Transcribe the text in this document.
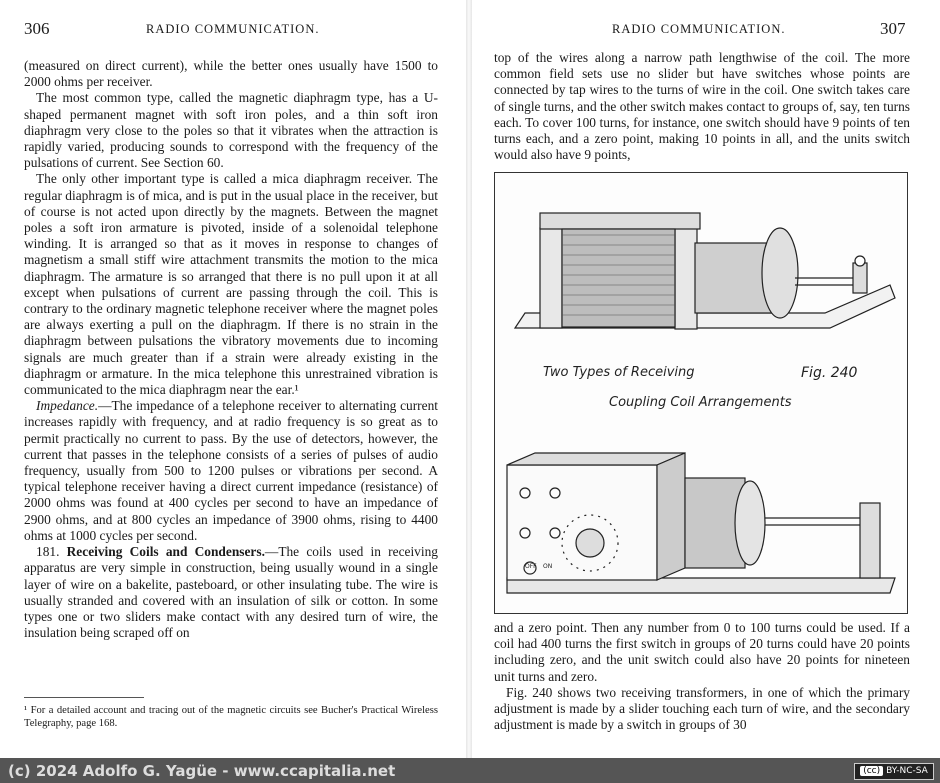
306	RADIO COMMUNICATION.

(measured on direct current), while the better ones usually have 1500 to 2000 ohms per receiver.

The most common type, called the magnetic diaphragm type, has a U-shaped permanent magnet with soft iron poles, and a thin soft iron diaphragm very close to the poles so that it vibrates when the attraction is rapidly varied, producing sounds to correspond with the frequency of the pulsations of current. See Section 60.

The only other important type is called a mica diaphragm receiver. The regular diaphragm is of mica, and is put in the usual place in the receiver, but of course is not acted upon directly by the magnets. Between the magnet poles a soft iron armature is pivoted, inside of a solenoidal telephone winding. It is arranged so that as it moves in response to changes of magnetism a small stiff wire attachment transmits the motion to the mica diaphragm. The armature is so arranged that there is no pull upon it at all except when pulsations of current are passing through the coil. This is contrary to the ordinary magnetic telephone receiver where the magnet poles are always exerting a pull on the diaphragm. If there is no strain in the diaphragm between pulsations the vibratory movements due to incoming signals are much greater than if a strain were already existing in the diaphragm or armature. In the mica telephone this unrestrained vibration is communicated to the mica diaphragm near the ear.¹

Impedance.—The impedance of a telephone receiver to alternating current increases rapidly with frequency, and at radio frequency is so great as to permit practically no current to pass. By the use of detectors, however, the current that passes in the telephone consists of a series of pulses of audio frequency, usually from 500 to 1200 pulses or vibrations per second. A typical telephone receiver having a direct current impedance (resistance) of 2000 ohms was found at 400 cycles per second to have an impedance of 2900 ohms, and at 800 cycles an impedance of 3900 ohms, rising to 4400 ohms at 1000 cycles per second.

181. Receiving Coils and Condensers.—The coils used in receiving apparatus are very simple in construction, being usually wound in a single layer of wire on a bakelite, pasteboard, or other insulating tube. The wire is usually stranded and covered with an insulation of silk or cotton. In some types one or two sliders make contact with any desired turn of wire, the insulation being scraped off on

¹ For a detailed account and tracing out of the magnetic circuits see Bucher's Practical Wireless Telegraphy, page 168.
RADIO COMMUNICATION.	307

top of the wires along a narrow path lengthwise of the coil. The more common field sets use no slider but have switches whose points are connected by tap wires to the turns of wire in the coil. One switch takes care of single turns, and the other switch makes contact to groups of, say, ten turns each. To cover 100 turns, for instance, one switch should have 9 points of ten turns each, and a zero point, making 10 points in all, and the units switch would also have 9 points,

OFF ON
Two Types of Receiving	Fig. 240
Coupling Coil Arrangements

and a zero point. Then any number from 0 to 100 turns could be used. If a coil had 400 turns the first switch in groups of 20 turns could have 20 points including zero, and the unit switch could also have 20 points for nineteen unit turns and zero.

Fig. 240 shows two receiving transformers, in one of which the primary adjustment is made by a slider touching each turn of wire, and the secondary adjustment is made by a switch in groups of 30

(c) 2024 Adolfo G. Yagüe - www.ccapitalia.net	(cc) BY-NC-SA
